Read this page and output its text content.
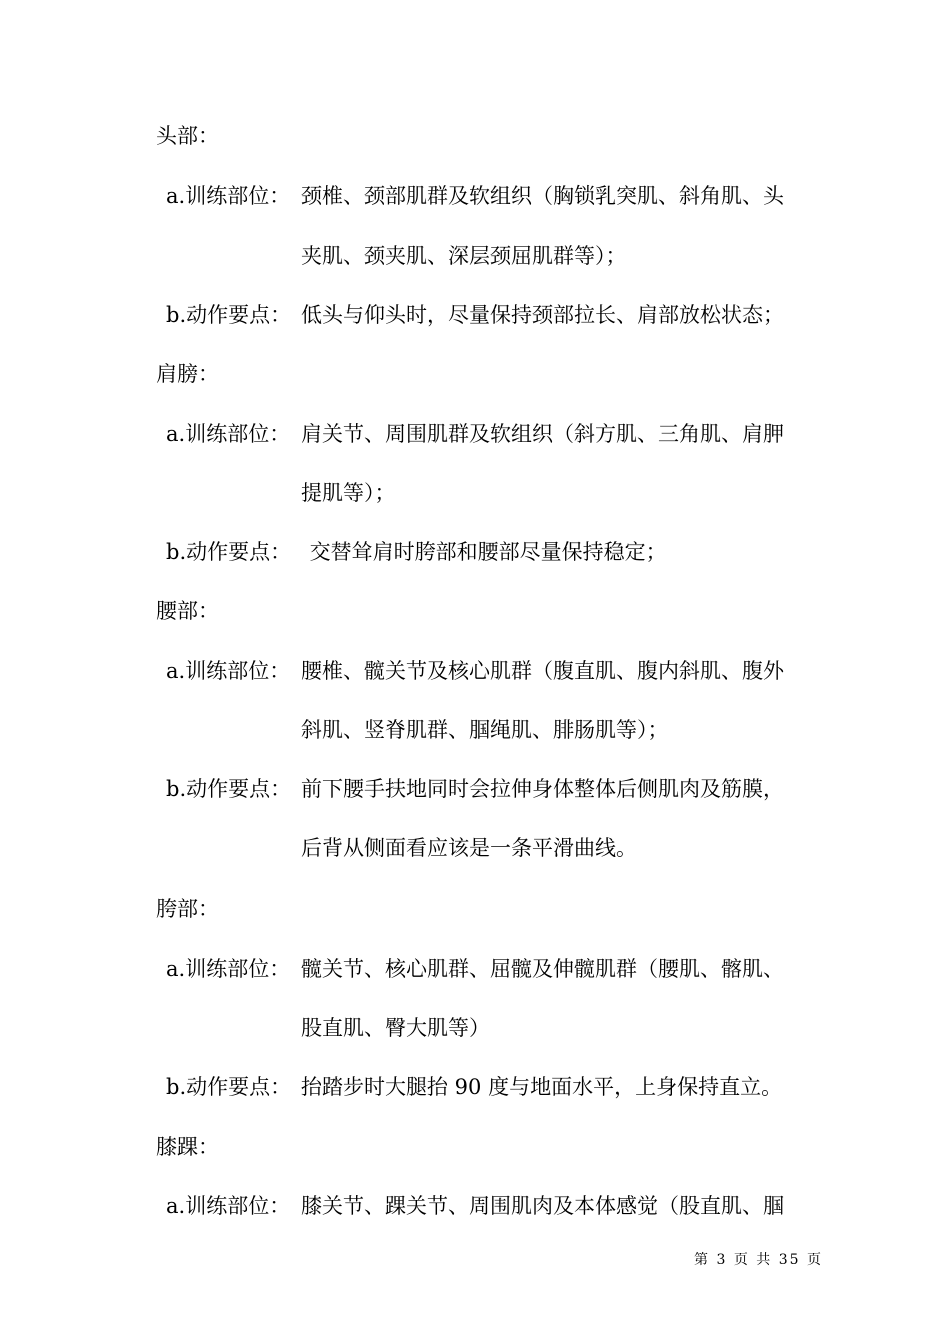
头部：
a.训练部位： 颈椎、颈部肌群及软组织（胸锁乳突肌、斜角肌、头
夹肌、颈夹肌、深层颈屈肌群等）；
b.动作要点： 低头与仰头时，尽量保持颈部拉长、肩部放松状态；
肩膀：
a.训练部位： 肩关节、周围肌群及软组织（斜方肌、三角肌、肩胛
提肌等）；
b.动作要点： 交替耸肩时胯部和腰部尽量保持稳定；
腰部：
a.训练部位： 腰椎、髋关节及核心肌群（腹直肌、腹内斜肌、腹外
斜肌、竖脊肌群、腘绳肌、腓肠肌等）；
b.动作要点： 前下腰手扶地同时会拉伸身体整体后侧肌肉及筋膜，
后背从侧面看应该是一条平滑曲线。
胯部：
a.训练部位： 髋关节、核心肌群、屈髋及伸髋肌群（腰肌、髂肌、
股直肌、臀大肌等）
b.动作要点： 抬踏步时大腿抬 90 度与地面水平，上身保持直立。
膝踝：
a.训练部位： 膝关节、踝关节、周围肌肉及本体感觉（股直肌、腘
第 3 页 共 35 页
